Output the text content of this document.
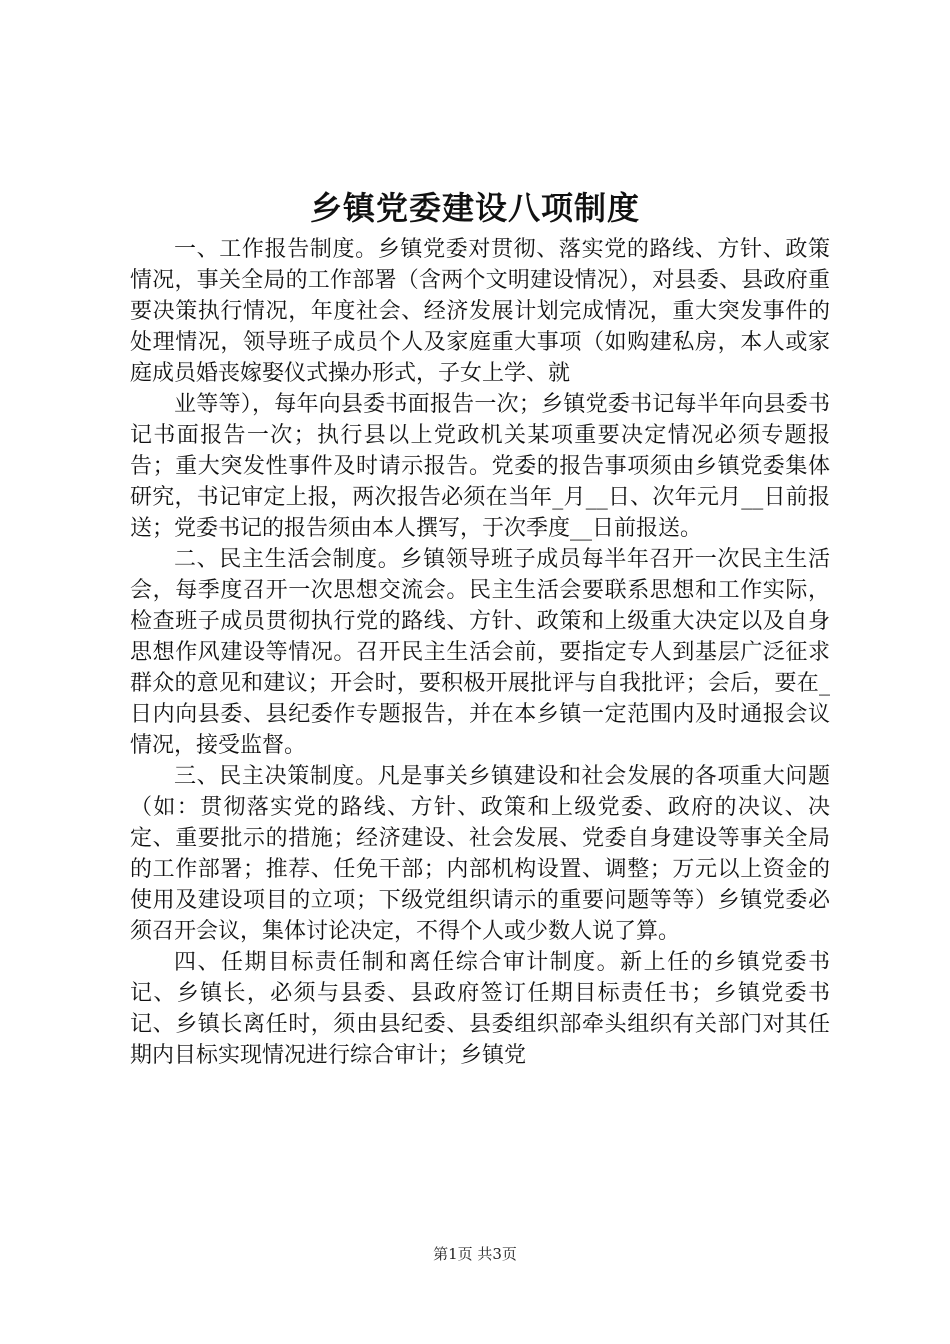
乡镇党委建设八项制度

一、工作报告制度。乡镇党委对贯彻、落实党的路线、方针、政策情况，事关全局的工作部署（含两个文明建设情况），对县委、县政府重要决策执行情况，年度社会、经济发展计划完成情况，重大突发事件的处理情况，领导班子成员个人及家庭重大事项（如购建私房，本人或家庭成员婚丧嫁娶仪式操办形式，子女上学、就

业等等），每年向县委书面报告一次；乡镇党委书记每半年向县委书记书面报告一次；执行县以上党政机关某项重要决定情况必须专题报告；重大突发性事件及时请示报告。党委的报告事项须由乡镇党委集体研究，书记审定上报，两次报告必须在当年_月__日、次年元月__日前报送；党委书记的报告须由本人撰写，于次季度__日前报送。

二、民主生活会制度。乡镇领导班子成员每半年召开一次民主生活会，每季度召开一次思想交流会。民主生活会要联系思想和工作实际，检查班子成员贯彻执行党的路线、方针、政策和上级重大决定以及自身思想作风建设等情况。召开民主生活会前，要指定专人到基层广泛征求群众的意见和建议；开会时，要积极开展批评与自我批评；会后，要在_日内向县委、县纪委作专题报告，并在本乡镇一定范围内及时通报会议情况，接受监督。

三、民主决策制度。凡是事关乡镇建设和社会发展的各项重大问题（如：贯彻落实党的路线、方针、政策和上级党委、政府的决议、决定、重要批示的措施；经济建设、社会发展、党委自身建设等事关全局的工作部署；推荐、任免干部；内部机构设置、调整；万元以上资金的使用及建设项目的立项；下级党组织请示的重要问题等等）乡镇党委必须召开会议，集体讨论决定，不得个人或少数人说了算。

四、任期目标责任制和离任综合审计制度。新上任的乡镇党委书记、乡镇长，必须与县委、县政府签订任期目标责任书；乡镇党委书记、乡镇长离任时，须由县纪委、县委组织部牵头组织有关部门对其任期内目标实现情况进行综合审计；乡镇党

第1页 共3页
